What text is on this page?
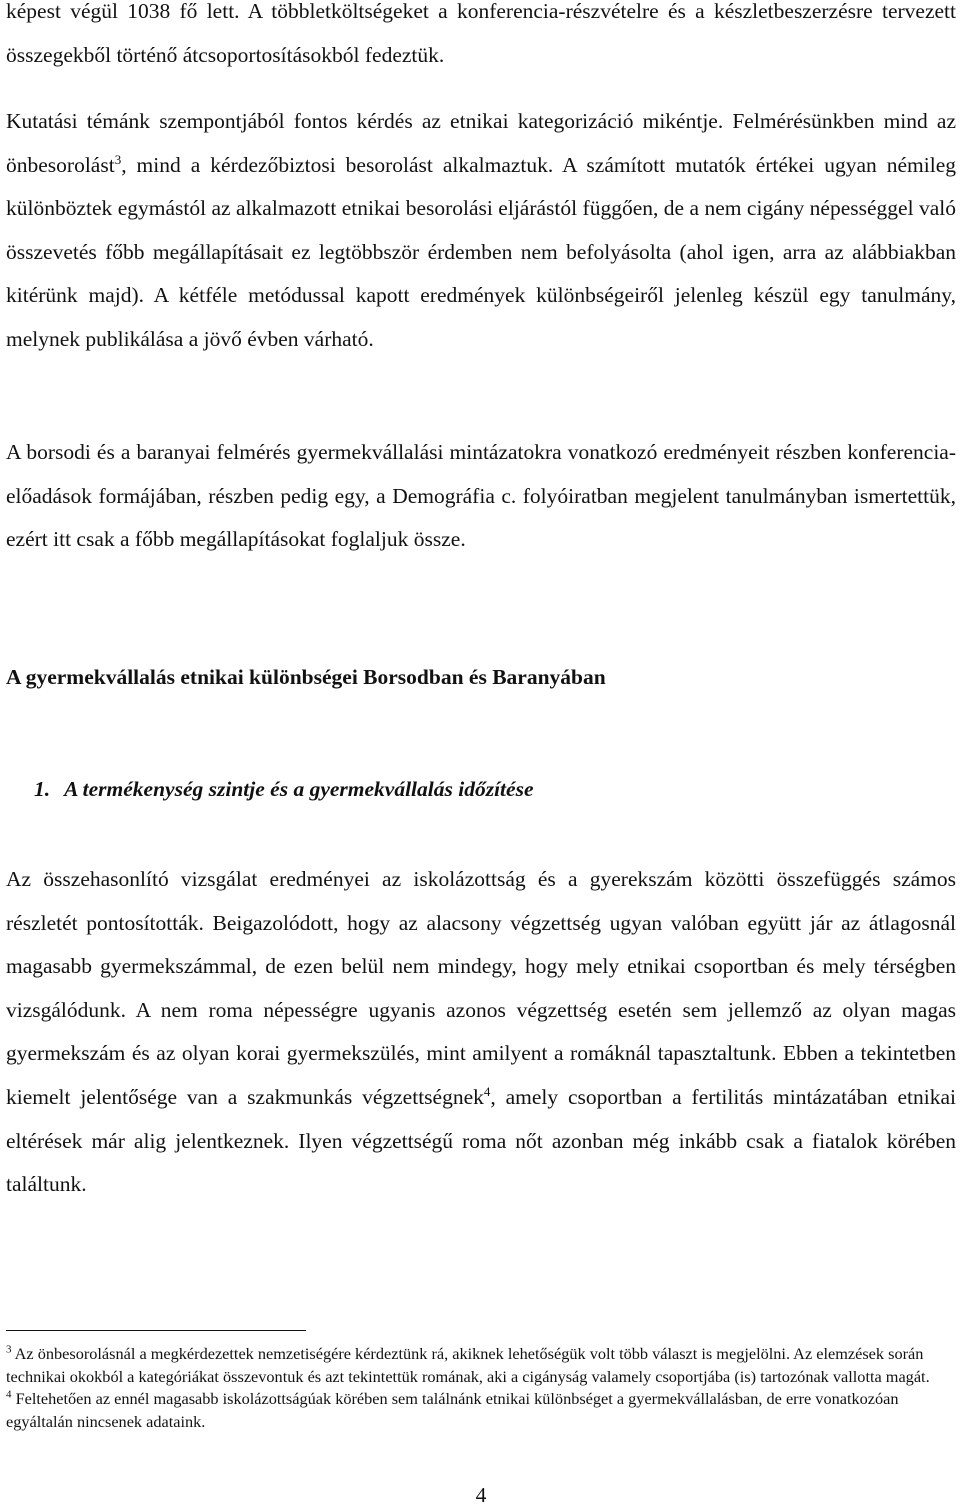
képest végül 1038 fő lett. A többletköltségeket a konferencia-részvételre és a készletbeszerzésre tervezett összegekből történő átcsoportosításokból fedeztük.

Kutatási témánk szempontjából fontos kérdés az etnikai kategorizáció mikéntje. Felmérésünkben mind az önbesorolást$^3$, mind a kérdezőbiztosi besorolást alkalmaztuk. A számított mutatók értékei ugyan némileg különböztek egymástól az alkalmazott etnikai besorolási eljárástól függően, de a nem cigány népességgel való összevetés főbb megállapításait ez legtöbbször érdemben nem befolyásolta (ahol igen, arra az alábbiakban kitérünk majd). A kétféle metódussal kapott eredmények különbségeiről jelenleg készül egy tanulmány, melynek publikálása a jövő évben várható.

A borsodi és a baranyai felmérés gyermekvállalási mintázatokra vonatkozó eredményeit részben konferencia-előadások formájában, részben pedig egy, a Demográfia c. folyóiratban megjelent tanulmányban ismertettük, ezért itt csak a főbb megállapításokat foglaljuk össze.

A gyermekvállalás etnikai különbségei Borsodban és Baranyában
1. A termékenység szintje és a gyermekvállalás időzítése

Az összehasonlító vizsgálat eredményei az iskolázottság és a gyerekszám közötti összefüggés számos részletét pontosították. Beigazolódott, hogy az alacsony végzettség ugyan valóban együtt jár az átlagosnál magasabb gyermekszámmal, de ezen belül nem mindegy, hogy mely etnikai csoportban és mely térségben vizsgálódunk. A nem roma népességre ugyanis azonos végzettség esetén sem jellemző az olyan magas gyermekszám és az olyan korai gyermekszülés, mint amilyent a romáknál tapasztaltunk. Ebben a tekintetben kiemelt jelentősége van a szakmunkás végzettségnek$^4$, amely csoportban a fertilitás mintázatában etnikai eltérések már alig jelentkeznek. Ilyen végzettségű roma nőt azonban még inkább csak a fiatalok körében találtunk.

$^3$ Az önbesorolásnál a megkérdezettek nemzetiségére kérdeztünk rá, akiknek lehetőségük volt több választ is megjelölni. Az elemzések során technikai okokból a kategóriákat összevontuk és azt tekintettük romának, aki a cigányság valamely csoportjába (is) tartozónak vallotta magát.

$^4$ Feltehetően az ennél magasabb iskolázottságúak körében sem találnánk etnikai különbséget a gyermekvállalásban, de erre vonatkozóan egyáltalán nincsenek adataink.

4
